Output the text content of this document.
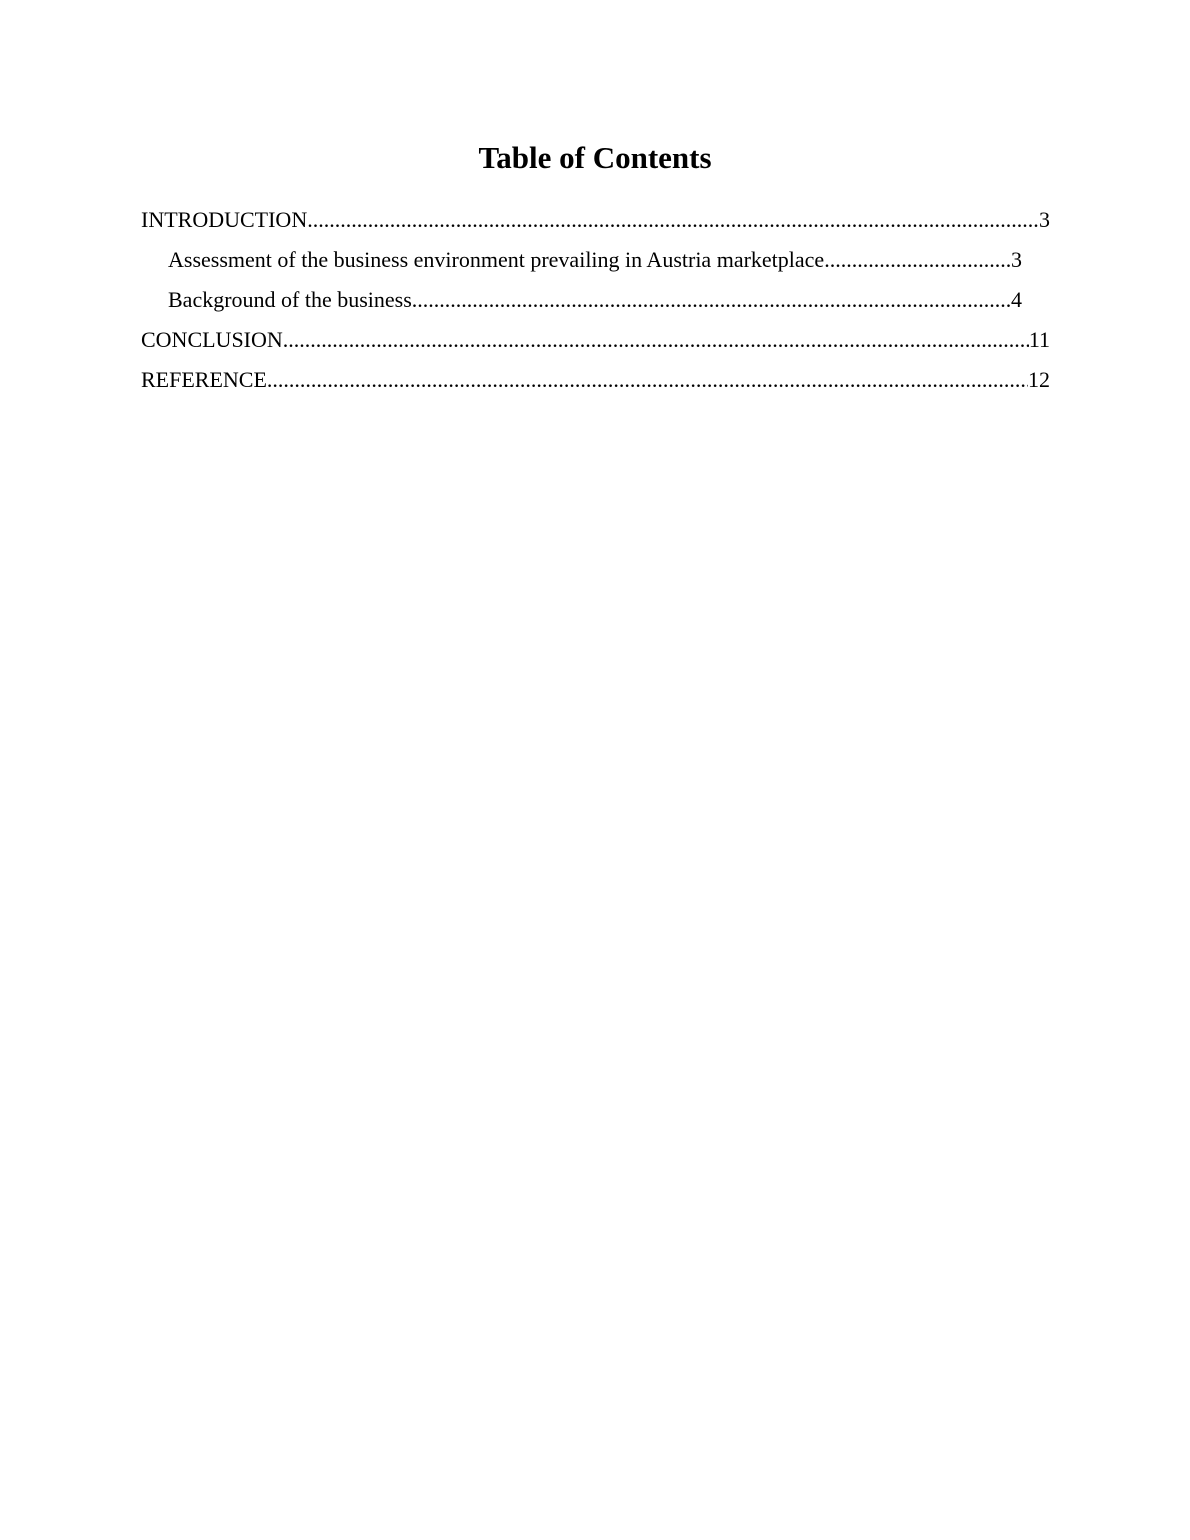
Table of Contents
INTRODUCTION .....	3
Assessment of the business environment prevailing in Austria marketplace .....	3
Background of the business .....	4
CONCLUSION .....	11
REFERENCE .....	12
